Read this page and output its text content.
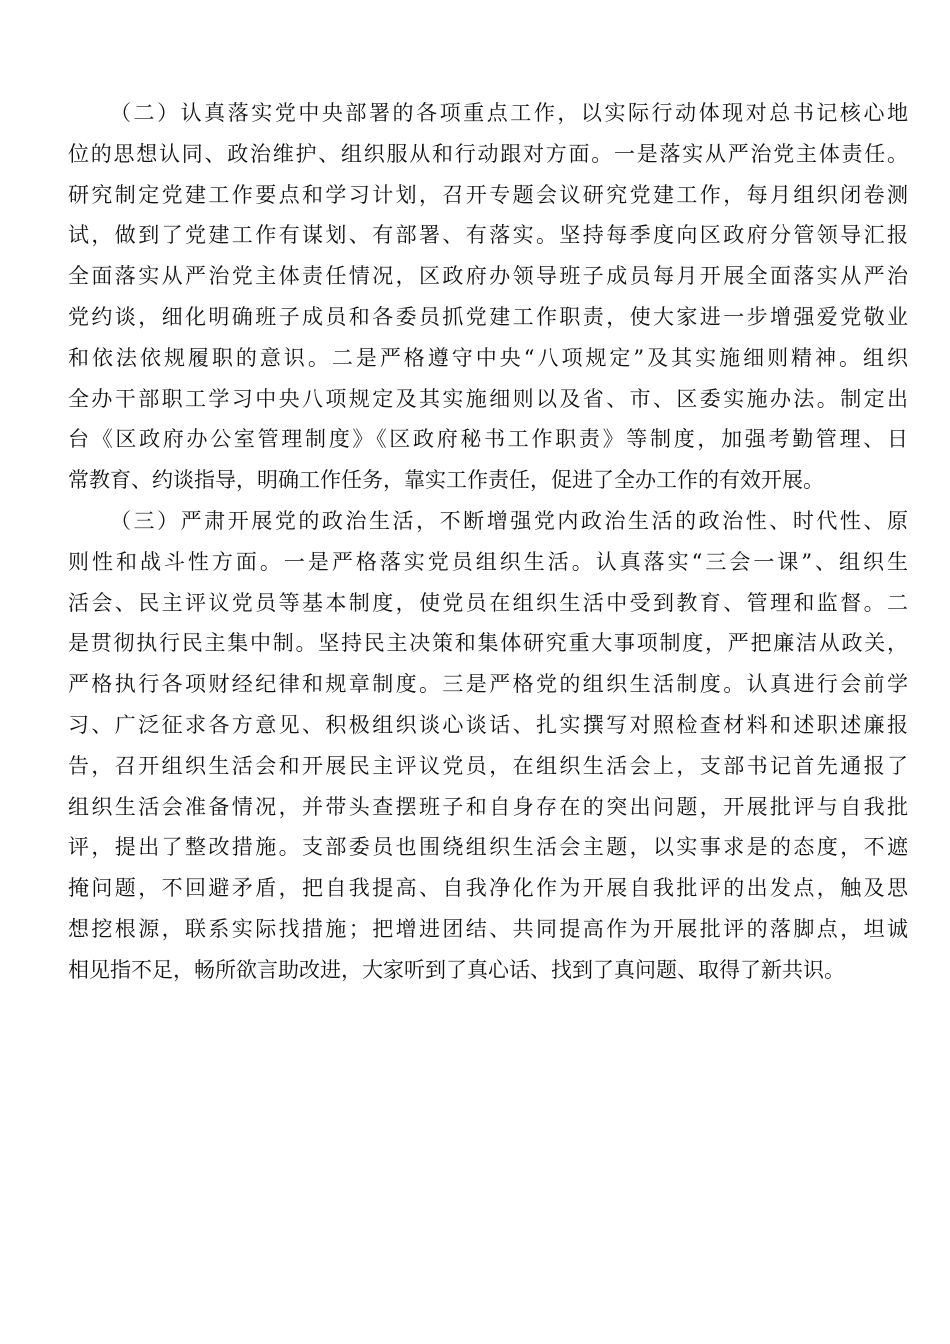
（二）认真落实党中央部署的各项重点工作，以实际行动体现对总书记核心地
位的思想认同、政治维护、组织服从和行动跟对方面。一是落实从严治党主体责任。
研究制定党建工作要点和学习计划，召开专题会议研究党建工作，每月组织闭卷测
试，做到了党建工作有谋划、有部署、有落实。坚持每季度向区政府分管领导汇报
全面落实从严治党主体责任情况，区政府办领导班子成员每月开展全面落实从严治
党约谈，细化明确班子成员和各委员抓党建工作职责，使大家进一步增强爱党敬业
和依法依规履职的意识。二是严格遵守中央“八项规定”及其实施细则精神。组织
全办干部职工学习中央八项规定及其实施细则以及省、市、区委实施办法。制定出
台《区政府办公室管理制度》《区政府秘书工作职责》等制度，加强考勤管理、日
常教育、约谈指导，明确工作任务，靠实工作责任，促进了全办工作的有效开展。
（三）严肃开展党的政治生活，不断增强党内政治生活的政治性、时代性、原
则性和战斗性方面。一是严格落实党员组织生活。认真落实“三会一课”、组织生
活会、民主评议党员等基本制度，使党员在组织生活中受到教育、管理和监督。二
是贯彻执行民主集中制。坚持民主决策和集体研究重大事项制度，严把廉洁从政关，
严格执行各项财经纪律和规章制度。三是严格党的组织生活制度。认真进行会前学
习、广泛征求各方意见、积极组织谈心谈话、扎实撰写对照检查材料和述职述廉报
告，召开组织生活会和开展民主评议党员，在组织生活会上，支部书记首先通报了
组织生活会准备情况，并带头查摆班子和自身存在的突出问题，开展批评与自我批
评，提出了整改措施。支部委员也围绕组织生活会主题，以实事求是的态度，不遮
掩问题，不回避矛盾，把自我提高、自我净化作为开展自我批评的出发点，触及思
想挖根源，联系实际找措施；把增进团结、共同提高作为开展批评的落脚点，坦诚
相见指不足，畅所欲言助改进，大家听到了真心话、找到了真问题、取得了新共识。
